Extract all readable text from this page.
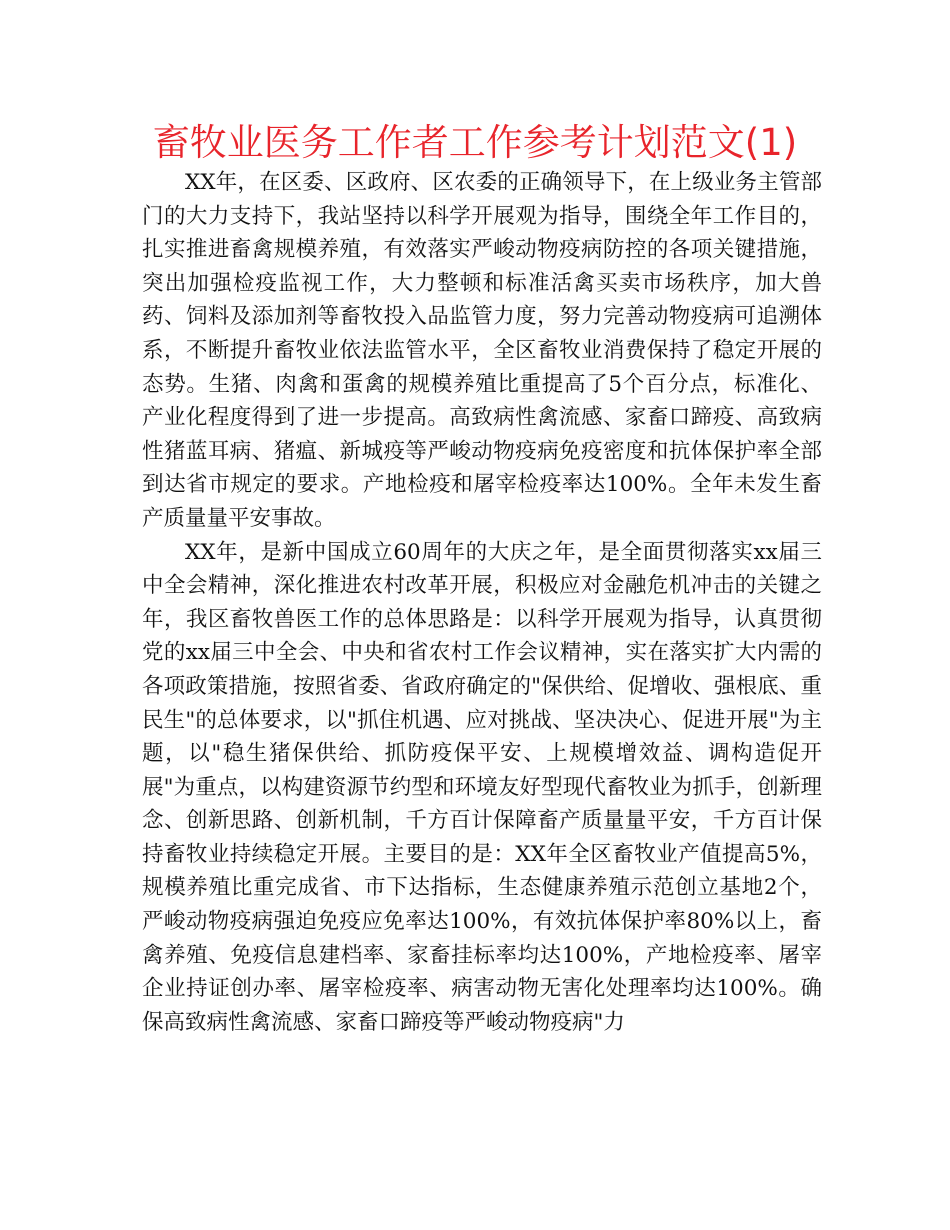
畜牧业医务工作者工作参考计划范文(1)

XX年，在区委、区政府、区农委的正确领导下，在上级业务主管部门的大力支持下，我站坚持以科学开展观为指导，围绕全年工作目的，扎实推进畜禽规模养殖，有效落实严峻动物疫病防控的各项关键措施，突出加强检疫监视工作，大力整顿和标准活禽买卖市场秩序，加大兽药、饲料及添加剂等畜牧投入品监管力度，努力完善动物疫病可追溯体系，不断提升畜牧业依法监管水平，全区畜牧业消费保持了稳定开展的态势。生猪、肉禽和蛋禽的规模养殖比重提高了5个百分点，标准化、产业化程度得到了进一步提高。高致病性禽流感、家畜口蹄疫、高致病性猪蓝耳病、猪瘟、新城疫等严峻动物疫病免疫密度和抗体保护率全部到达省市规定的要求。产地检疫和屠宰检疫率达100%。全年未发生畜产质量量平安事故。

XX年，是新中国成立60周年的大庆之年，是全面贯彻落实xx届三中全会精神，深化推进农村改革开展，积极应对金融危机冲击的关键之年，我区畜牧兽医工作的总体思路是：以科学开展观为指导，认真贯彻党的xx届三中全会、中央和省农村工作会议精神，实在落实扩大内需的各项政策措施，按照省委、省政府确定的"保供给、促增收、强根底、重民生"的总体要求，以"抓住机遇、应对挑战、坚决决心、促进开展"为主题，以"稳生猪保供给、抓防疫保平安、上规模增效益、调构造促开展"为重点，以构建资源节约型和环境友好型现代畜牧业为抓手，创新理念、创新思路、创新机制，千方百计保障畜产质量量平安，千方百计保持畜牧业持续稳定开展。主要目的是：XX年全区畜牧业产值提高5%，规模养殖比重完成省、市下达指标，生态健康养殖示范创立基地2个，严峻动物疫病强迫免疫应免率达100%，有效抗体保护率80%以上，畜禽养殖、免疫信息建档率、家畜挂标率均达100%，产地检疫率、屠宰企业持证创办率、屠宰检疫率、病害动物无害化处理率均达100%。确保高致病性禽流感、家畜口蹄疫等严峻动物疫病"力
